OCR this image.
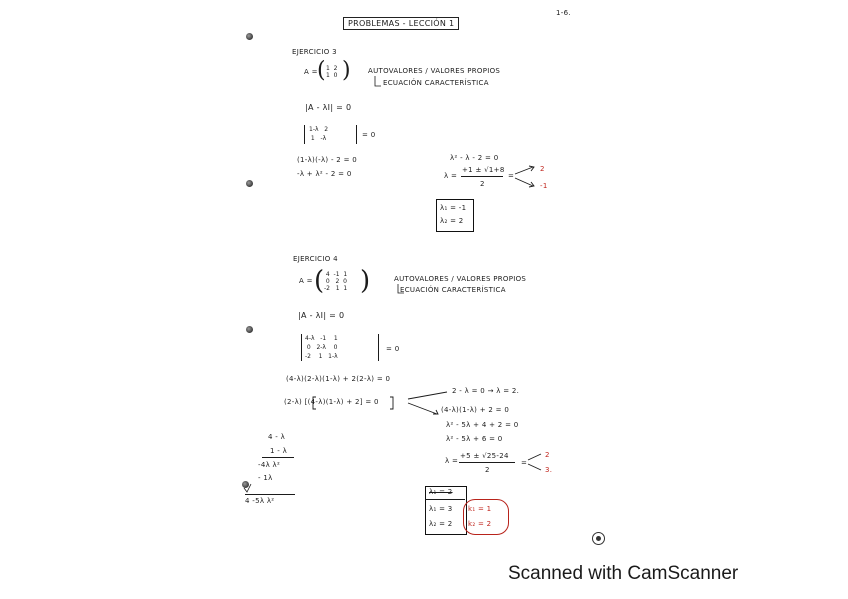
PROBLEMAS - LECCIÓN 1
1-6.
EJERCICIO 3
A = ( 1  2
1  0 ) AUTOVALORES / VALORES PROPIOS
ECUACIÓN CARACTERÍSTICA
|A - λI| = 0
1-λ   2
1   -λ	= 0
(1-λ)(-λ) - 2 = 0
-λ + λ² - 2 = 0
λ² - λ - 2 = 0
λ =
+1 ± √1+8
2
=
2
-1
λ₁ = -1
λ₂ = 2
EJERCICIO 4
A = ( 4  -1  1
0   2  0
-2   1  1 )	AUTOVALORES / VALORES PROPIOS
ECUACIÓN CARACTERÍSTICA
|A - λI| = 0
4-λ   -1    1
0   2-λ    0
-2    1   1-λ
= 0
(4-λ)(2-λ)(1-λ) + 2(2-λ) = 0
(2-λ) [(4-λ)(1-λ) + 2] = 0
2 - λ = 0 → λ = 2.
(4-λ)(1-λ) + 2 = 0
λ² - 5λ + 4 + 2 = 0
λ² - 5λ + 6 = 0
λ =
+5 ± √25-24
2
=
2
3.
4 - λ
1 - λ
-4λ λ²
- 1λ
4 -5λ λ²
λ₁ = 2
λ₁ = 3
λ₂ = 2
k₁ = 1
k₂ = 2
Scanned with CamScanner
